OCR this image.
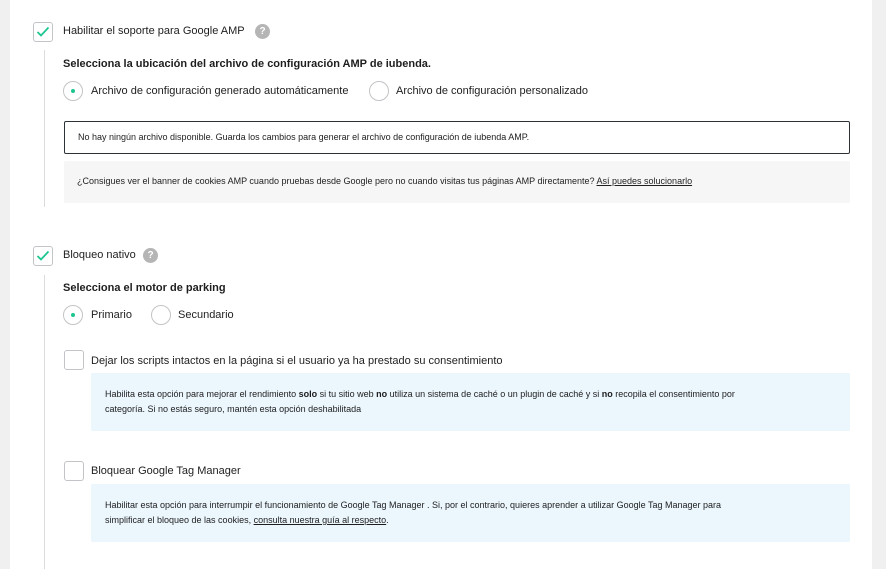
Habilitar el soporte para Google AMP	?
Selecciona la ubicación del archivo de configuración AMP de iubenda.
Archivo de configuración generado automáticamente	Archivo de configuración personalizado
No hay ningún archivo disponible. Guarda los cambios para generar el archivo de configuración de iubenda AMP.
¿Consigues ver el banner de cookies AMP cuando pruebas desde Google pero no cuando visitas tus páginas AMP directamente? Así puedes solucionarlo
Bloqueo nativo	?
Selecciona el motor de parking
Primario	Secundario
Dejar los scripts intactos en la página si el usuario ya ha prestado su consentimiento
Habilita esta opción para mejorar el rendimiento solo si tu sitio web no utiliza un sistema de caché o un plugin de caché y si no recopila el consentimiento por
categoría. Si no estás seguro, mantén esta opción deshabilitada
Bloquear Google Tag Manager
Habilitar esta opción para interrumpir el funcionamiento de Google Tag Manager . Si, por el contrario, quieres aprender a utilizar Google Tag Manager para
simplificar el bloqueo de las cookies, consulta nuestra guía al respecto.
